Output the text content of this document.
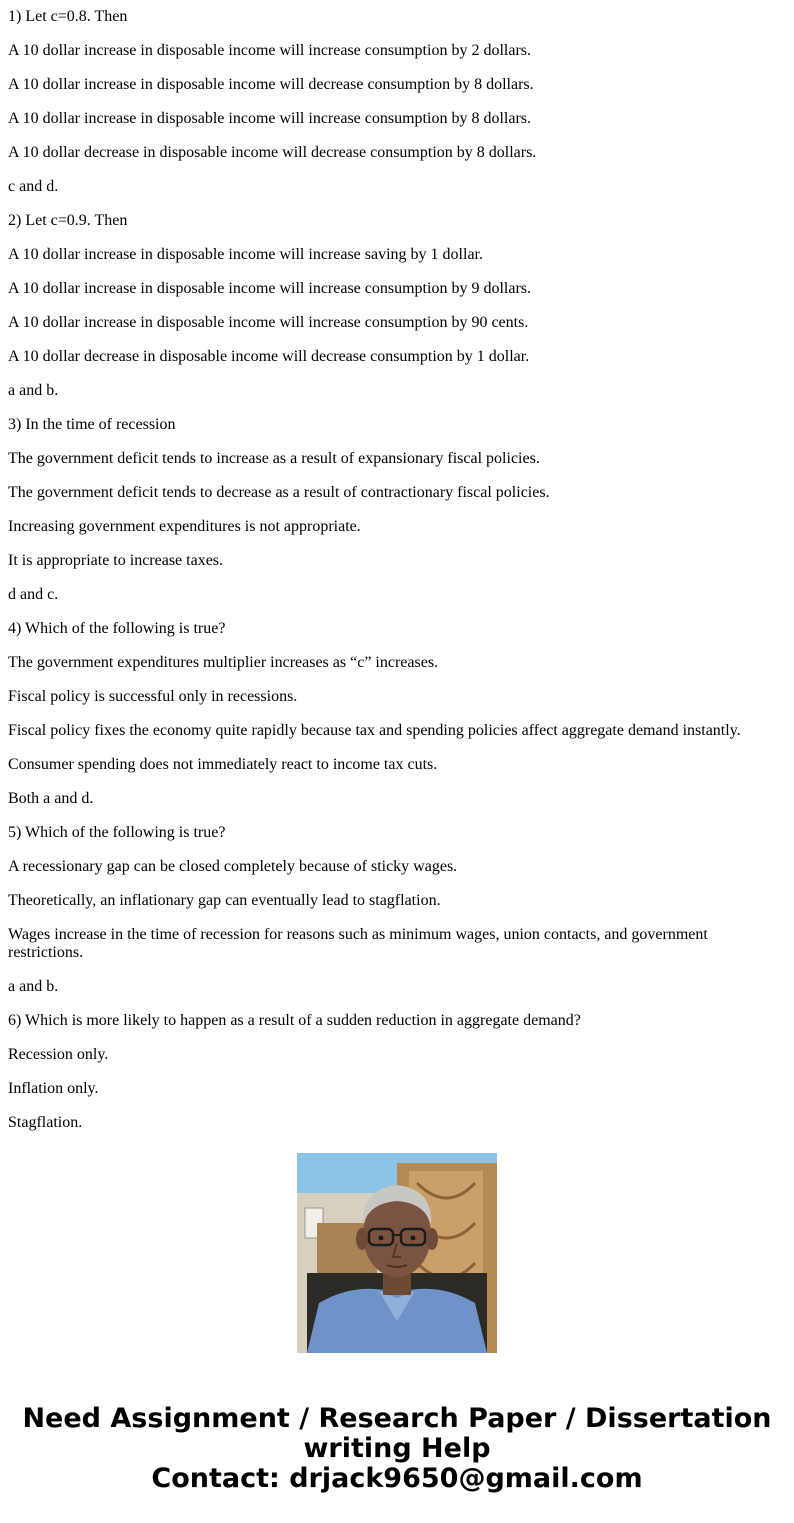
1) Let c=0.8. Then

A 10 dollar increase in disposable income will increase consumption by 2 dollars.

A 10 dollar increase in disposable income will decrease consumption by 8 dollars.

A 10 dollar increase in disposable income will increase consumption by 8 dollars.

A 10 dollar decrease in disposable income will decrease consumption by 8 dollars.

c and d.

2) Let c=0.9. Then

A 10 dollar increase in disposable income will increase saving by 1 dollar.

A 10 dollar increase in disposable income will increase consumption by 9 dollars.

A 10 dollar increase in disposable income will increase consumption by 90 cents.

A 10 dollar decrease in disposable income will decrease consumption by 1 dollar.

a and b.

3) In the time of recession

The government deficit tends to increase as a result of expansionary fiscal policies.

The government deficit tends to decrease as a result of contractionary fiscal policies.

Increasing government expenditures is not appropriate.

It is appropriate to increase taxes.

d and c.

4) Which of the following is true?

The government expenditures multiplier increases as “c” increases.

Fiscal policy is successful only in recessions.

Fiscal policy fixes the economy quite rapidly because tax and spending policies affect aggregate demand instantly.

Consumer spending does not immediately react to income tax cuts.

Both a and d.

5) Which of the following is true?

A recessionary gap can be closed completely because of sticky wages.

Theoretically, an inflationary gap can eventually lead to stagflation.

Wages increase in the time of recession for reasons such as minimum wages, union contacts, and government restrictions.

a and b.

6) Which is more likely to happen as a result of a sudden reduction in aggregate demand?

Recession only.

Inflation only.

Stagflation.

Need Assignment / Research Paper / Dissertation
writing Help
Contact: drjack9650@gmail.com
